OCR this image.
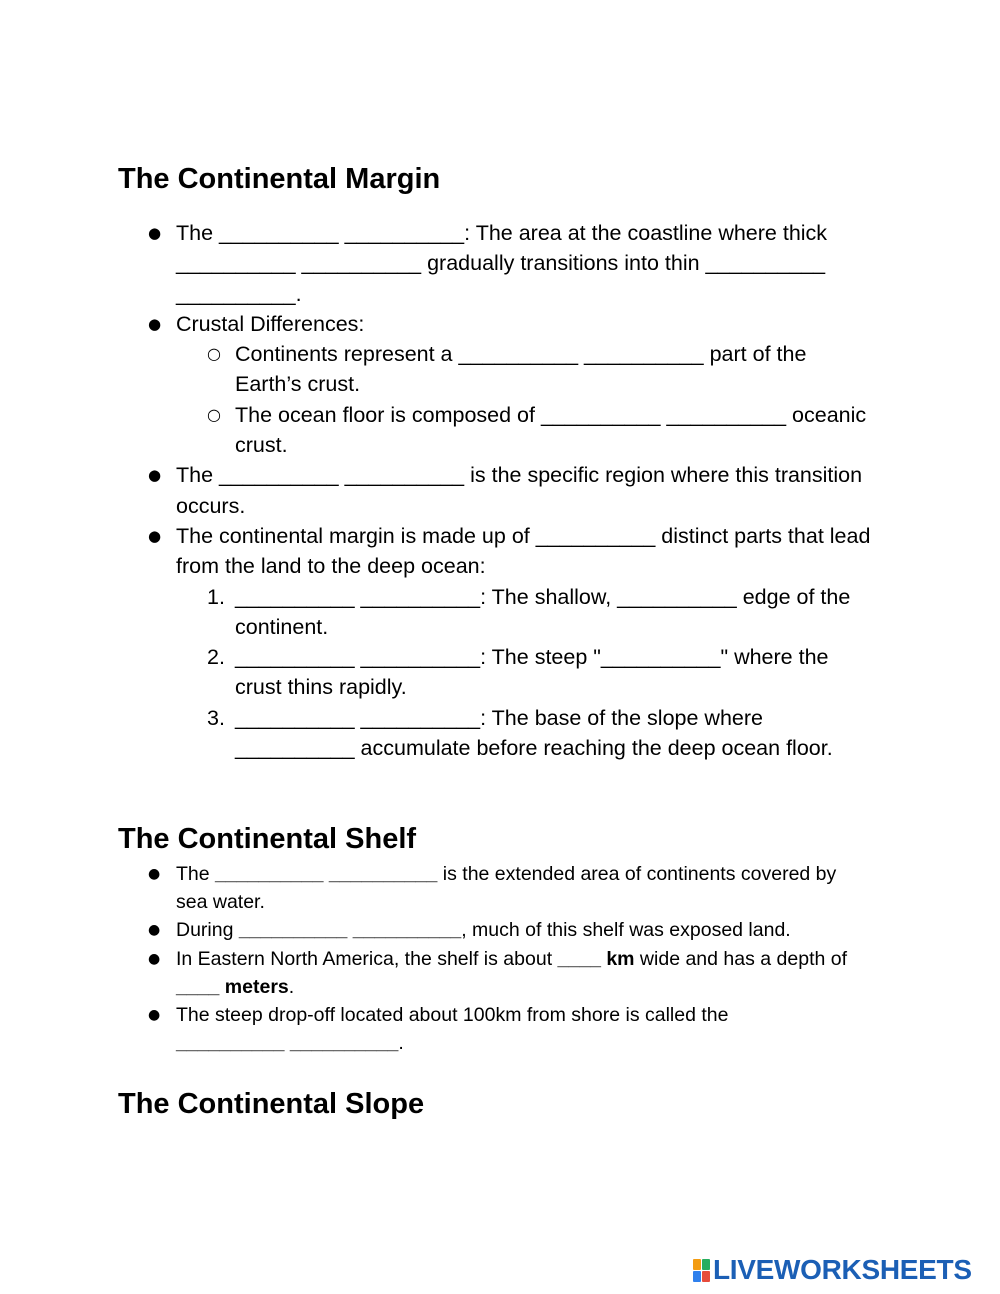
The Continental Margin
● The __________ __________: The area at the coastline where thick __________ __________ gradually transitions into thin __________ __________.
● Crustal Differences:
○ Continents represent a __________ __________ part of the Earth’s crust.
○ The ocean floor is composed of __________ __________ oceanic crust.
● The __________ __________ is the specific region where this transition occurs.
● The continental margin is made up of __________ distinct parts that lead from the land to the deep ocean:
1. __________ __________: The shallow, __________ edge of the continent.
2. __________ __________: The steep "__________" where the crust thins rapidly.
3. __________ __________: The base of the slope where __________ accumulate before reaching the deep ocean floor.
The Continental Shelf
● The __________ __________ is the extended area of continents covered by sea water.
● During __________ __________, much of this shelf was exposed land.
● In Eastern North America, the shelf is about ____ km wide and has a depth of ____ meters.
● The steep drop-off located about 100km from shore is called the
__________ __________.
The Continental Slope
LIVEWORKSHEETS
